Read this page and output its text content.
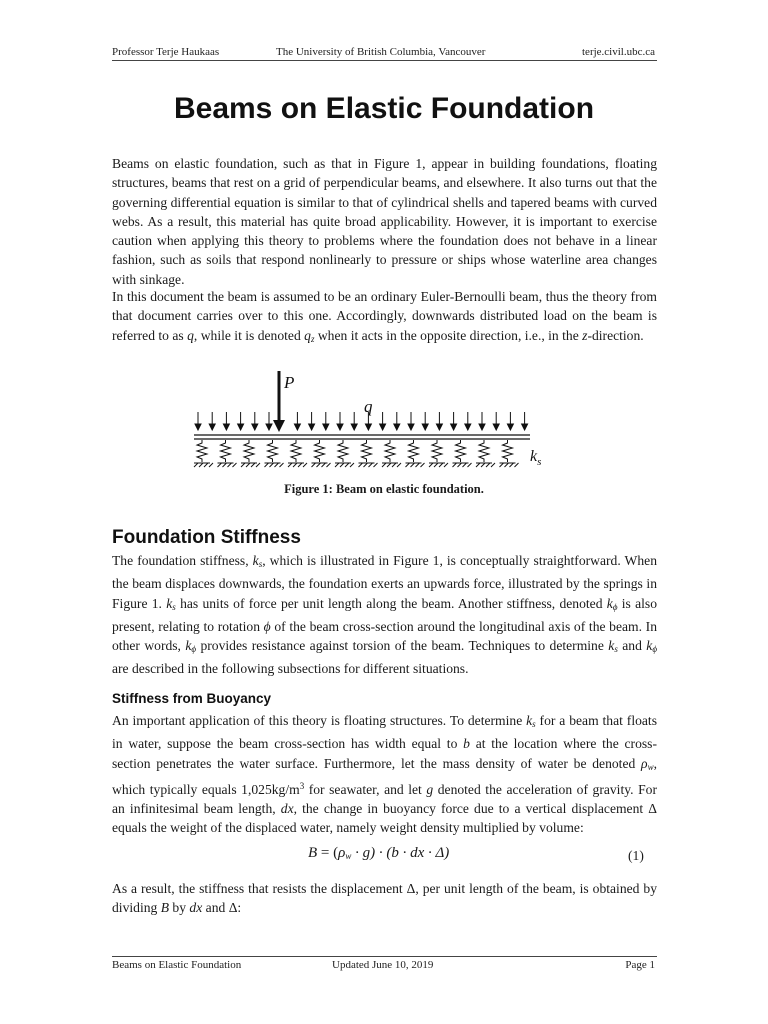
Professor Terje Haukaas	The University of British Columbia, Vancouver	terje.civil.ubc.ca
Beams on Elastic Foundation

Beams on elastic foundation, such as that in Figure 1, appear in building foundations, floating structures, beams that rest on a grid of perpendicular beams, and elsewhere. It also turns out that the governing differential equation is similar to that of cylindrical shells and tapered beams with curved webs. As a result, this material has quite broad applicability. However, it is important to exercise caution when applying this theory to problems where the foundation does not behave in a linear fashion, such as soils that respond nonlinearly to pressure or ships whose waterline area changes with sinkage.

In this document the beam is assumed to be an ordinary Euler-Bernoulli beam, thus the theory from that document carries over to this one. Accordingly, downwards distributed load on the beam is referred to as q, while it is denoted $q_z$ when it acts in the opposite direction, i.e., in the z-direction.

P
q
$k_s$
Figure 1: Beam on elastic foundation.
Foundation Stiffness

The foundation stiffness, $k_s$, which is illustrated in Figure 1, is conceptually straightforward. When the beam displaces downwards, the foundation exerts an upwards force, illustrated by the springs in Figure 1. $k_s$ has units of force per unit length along the beam. Another stiffness, denoted $k_\phi$ is also present, relating to rotation ϕ of the beam cross-section around the longitudinal axis of the beam. In other words, $k_\phi$ provides resistance against torsion of the beam. Techniques to determine $k_s$ and $k_\phi$ are described in the following subsections for different situations.

Stiffness from Buoyancy

An important application of this theory is floating structures. To determine $k_s$ for a beam that floats in water, suppose the beam cross-section has width equal to b at the location where the cross-section penetrates the water surface. Furthermore, let the mass density of water be denoted $\rho_w$, which typically equals $1,025kg/m^3$ for seawater, and let g denoted the acceleration of gravity. For an infinitesimal beam length, dx, the change in buoyancy force due to a vertical displacement Δ equals the weight of the displaced water, namely weight density multiplied by volume:

$B = (\rho_w \cdot g) \cdot (b$ · dx · Δ)	(1)

As a result, the stiffness that resists the displacement Δ, per unit length of the beam, is obtained by dividing B by dx and Δ:

Beams on Elastic Foundation	Updated June 10, 2019	Page 1
